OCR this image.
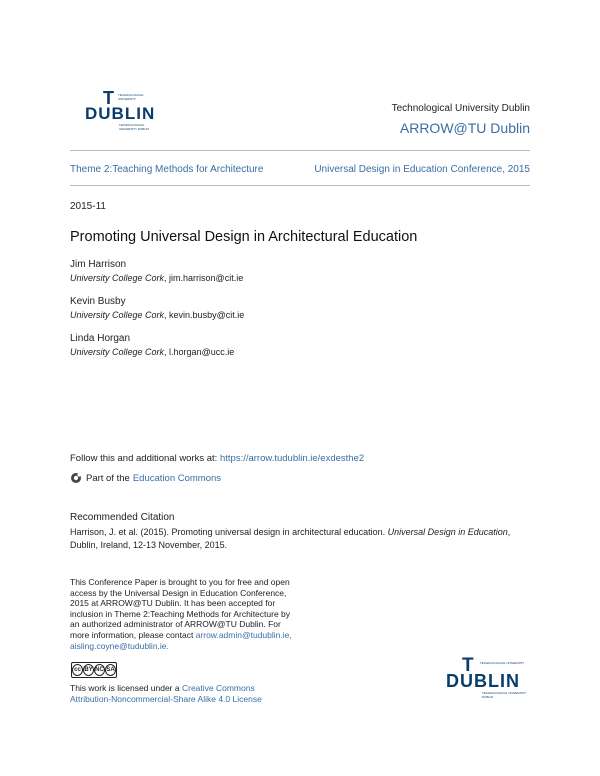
T TECHNOLOGICAL UNIVERSITY
DUBLIN
TECHNOLOGICAL UNIVERSITY DUBLIN
Technological University Dublin
ARROW@TU Dublin
Theme 2:Teaching Methods for Architecture	Universal Design in Education Conference, 2015
2015-11
Promoting Universal Design in Architectural Education
Jim Harrison
University College Cork, jim.harrison@cit.ie
Kevin Busby
University College Cork, kevin.busby@cit.ie
Linda Horgan
University College Cork, l.horgan@ucc.ie
Follow this and additional works at: https://arrow.tudublin.ie/exdesthe2
Part of the Education Commons
Recommended Citation
Harrison, J. et al. (2015). Promoting universal design in architectural education. Universal Design in Education, Dublin, Ireland, 12-13 November, 2015.
This Conference Paper is brought to you for free and open access by the Universal Design in Education Conference, 2015 at ARROW@TU Dublin. It has been accepted for inclusion in Theme 2:Teaching Methods for Architecture by an authorized administrator of ARROW@TU Dublin. For more information, please contact arrow.admin@tudublin.ie,
aisling.coyne@tudublin.ie.
cc BY NC SA
This work is licensed under a Creative Commons
Attribution-Noncommercial-Share Alike 4.0 License
T TECHNOLOGICAL UNIVERSITY
DUBLIN
TECHNOLOGICAL UNIVERSITY DUBLIN
